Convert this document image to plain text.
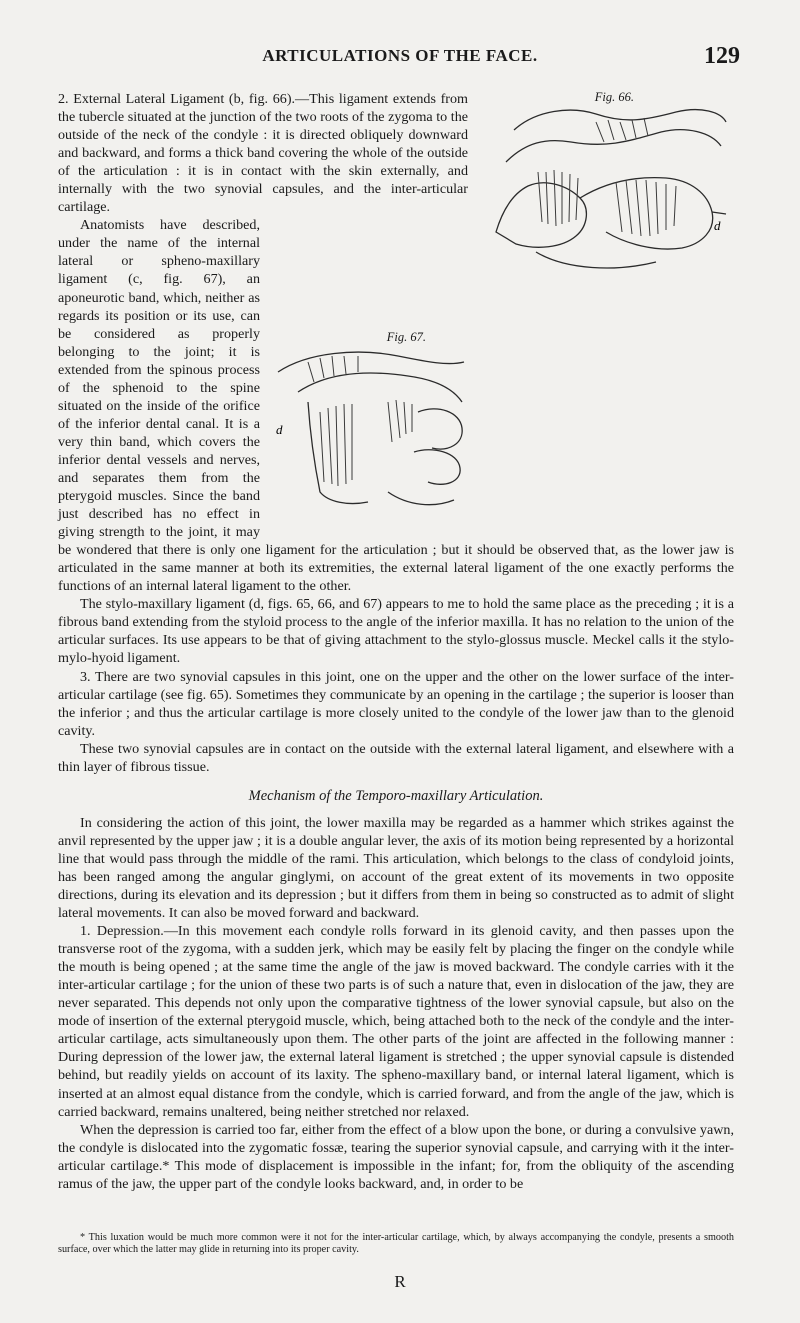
ARTICULATIONS OF THE FACE.	129
Fig. 66.
d

2. External Lateral Ligament (b, fig. 66).—This ligament extends from the tubercle situated at the junction of the two roots of the zygoma to the outside of the neck of the condyle : it is directed obliquely downward and backward, and forms a thick band covering the whole of the outside of the articulation : it is in contact with the skin externally, and internally with the two synovial capsules, and the inter-articular cartilage.

Fig. 67.
d
Anatomists have described, under the name of the internal lateral or spheno-maxillary ligament (c, fig. 67), an aponeurotic band, which, neither as regards its position or its use, can be considered as properly belonging to the joint; it is extended from the spinous process of the sphenoid to the spine situated on the inside of the orifice of the inferior dental canal. It is a very thin band, which covers the inferior dental vessels and nerves, and separates them from the pterygoid muscles. Since the band just described has no effect in giving strength to the joint, it may be wondered that there is only one ligament for the articulation ; but it should be observed that, as the lower jaw is articulated in the same manner at both its extremities, the external lateral ligament of the one exactly performs the functions of an internal lateral ligament to the other.

The stylo-maxillary ligament (d, figs. 65, 66, and 67) appears to me to hold the same place as the preceding ; it is a fibrous band extending from the styloid process to the angle of the inferior maxilla. It has no relation to the union of the articular surfaces. Its use appears to be that of giving attachment to the stylo-glossus muscle. Meckel calls it the stylo-mylo-hyoid ligament.

3. There are two synovial capsules in this joint, one on the upper and the other on the lower surface of the inter-articular cartilage (see fig. 65). Sometimes they communicate by an opening in the cartilage ; the superior is looser than the inferior ; and thus the articular cartilage is more closely united to the condyle of the lower jaw than to the glenoid cavity.

These two synovial capsules are in contact on the outside with the external lateral ligament, and elsewhere with a thin layer of fibrous tissue.

Mechanism of the Temporo-maxillary Articulation.

In considering the action of this joint, the lower maxilla may be regarded as a hammer which strikes against the anvil represented by the upper jaw ; it is a double angular lever, the axis of its motion being represented by a horizontal line that would pass through the middle of the rami. This articulation, which belongs to the class of condyloid joints, has been ranged among the angular ginglymi, on account of the great extent of its movements in two opposite directions, during its elevation and its depression ; but it differs from them in being so constructed as to admit of slight lateral movements. It can also be moved forward and backward.

1. Depression.—In this movement each condyle rolls forward in its glenoid cavity, and then passes upon the transverse root of the zygoma, with a sudden jerk, which may be easily felt by placing the finger on the condyle while the mouth is being opened ; at the same time the angle of the jaw is moved backward. The condyle carries with it the inter-articular cartilage ; for the union of these two parts is of such a nature that, even in dislocation of the jaw, they are never separated. This depends not only upon the comparative tightness of the lower synovial capsule, but also on the mode of insertion of the external pterygoid muscle, which, being attached both to the neck of the condyle and the inter-articular cartilage, acts simultaneously upon them. The other parts of the joint are affected in the following manner : During depression of the lower jaw, the external lateral ligament is stretched ; the upper synovial capsule is distended behind, but readily yields on account of its laxity. The spheno-maxillary band, or internal lateral ligament, which is inserted at an almost equal distance from the condyle, which is carried forward, and from the angle of the jaw, which is carried backward, remains unaltered, being neither stretched nor relaxed.

When the depression is carried too far, either from the effect of a blow upon the bone, or during a convulsive yawn, the condyle is dislocated into the zygomatic fossæ, tearing the superior synovial capsule, and carrying with it the inter-articular cartilage.* This mode of displacement is impossible in the infant; for, from the obliquity of the ascending ramus of the jaw, the upper part of the condyle looks backward, and, in order to be

* This luxation would be much more common were it not for the inter-articular cartilage, which, by always accompanying the condyle, presents a smooth surface, over which the latter may glide in returning into its proper cavity.

R
